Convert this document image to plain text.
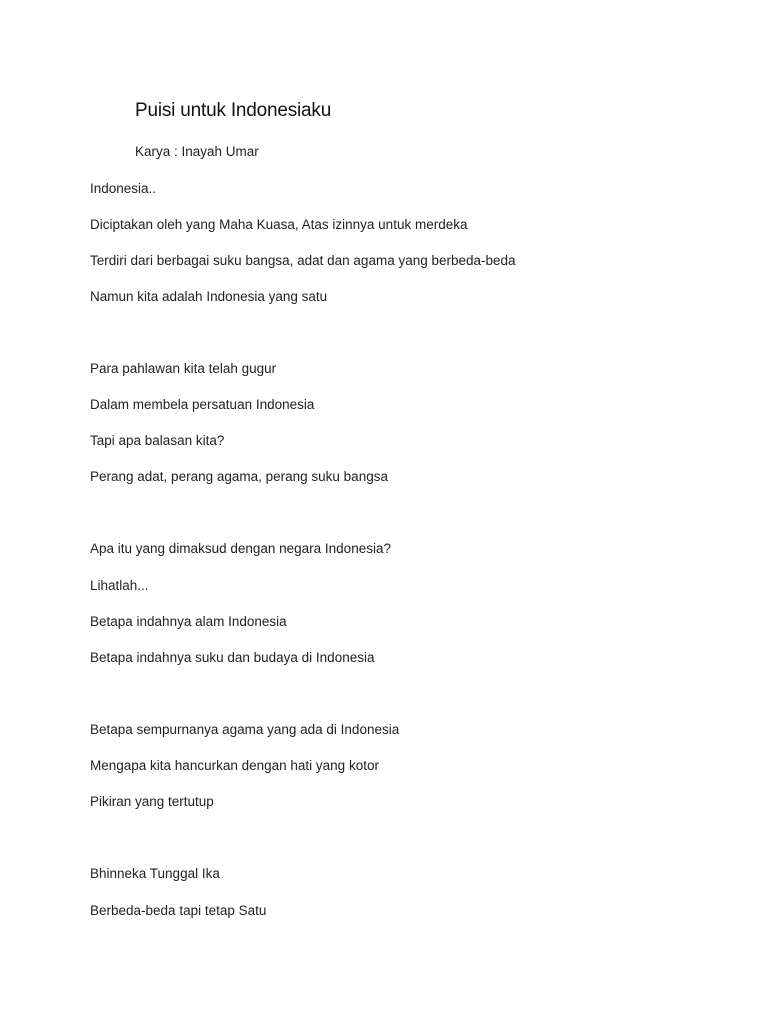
Puisi untuk Indonesiaku
Karya : Inayah Umar
Indonesia..
Diciptakan oleh yang Maha Kuasa, Atas izinnya untuk merdeka
Terdiri dari berbagai suku bangsa, adat dan agama yang berbeda-beda
Namun kita adalah Indonesia yang satu
Para pahlawan kita telah gugur
Dalam membela persatuan Indonesia
Tapi apa balasan kita?
Perang adat, perang agama, perang suku bangsa
Apa itu yang dimaksud dengan negara Indonesia?
Lihatlah...
Betapa indahnya alam Indonesia
Betapa indahnya suku dan budaya di Indonesia
Betapa sempurnanya agama yang ada di Indonesia
Mengapa kita hancurkan dengan hati yang kotor
Pikiran yang tertutup
Bhinneka Tunggal Ika
Berbeda-beda tapi tetap Satu
